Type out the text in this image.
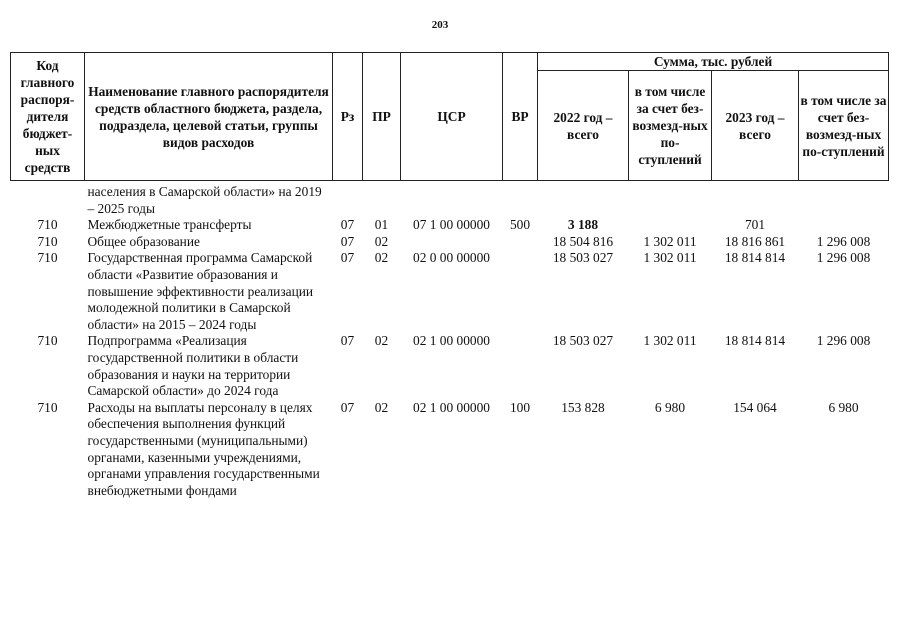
203
Код главного распоря-дителя бюджет-ных средств	Наименование главного распорядителя средств областного бюджета, раздела, подраздела, целевой статьи, группы видов расходов	Рз	ПР	ЦСР	ВР	Сумма, тыс. рублей			
						2022 год – всего	в том числе за счет без-возмезд-ных по-ступлений	2023 год – всего	в том числе за счет без-возмезд-ных по-ступлений

	населения в Самарской области» на 2019 – 2025 годы								
710	Межбюджетные трансферты	07	01	07 1 00 00000	500	3 188		701	
710	Общее образование	07	02			18 504 816	1 302 011	18 816 861	1 296 008
710	Государственная программа Самарской области «Развитие образования и повышение эффективности реализации молодежной политики в Самарской области» на 2015 – 2024 годы	07	02	02 0 00 00000		18 503 027	1 302 011	18 814 814	1 296 008
710	Подпрограмма «Реализация государственной политики в области образования и науки на территории Самарской области» до 2024 года	07	02	02 1 00 00000		18 503 027	1 302 011	18 814 814	1 296 008
710	Расходы на выплаты персоналу в целях обеспечения выполнения функций государственными (муниципальными) органами, казенными учреждениями, органами управления государственными внебюджетными фондами	07	02	02 1 00 00000	100	153 828	6 980	154 064	6 980
